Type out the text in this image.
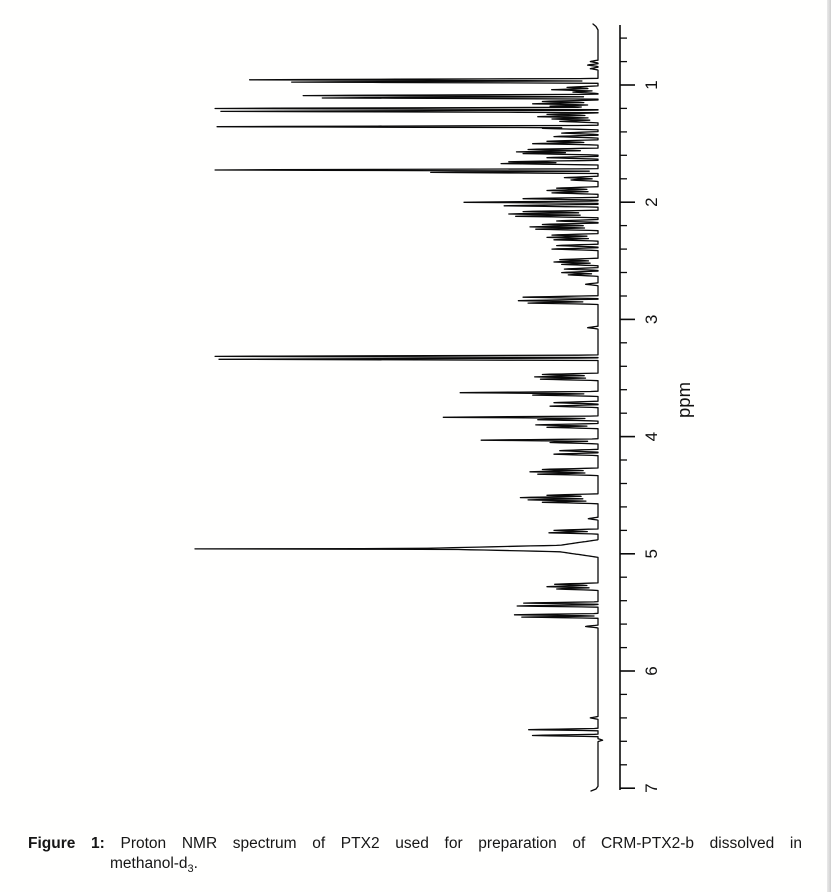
1
2
3
4
5
6
7
ppm
Figure 1: Proton NMR spectrum of PTX2 used for preparation of CRM-PTX2-b dissolved in
methanol-$d_3$.
